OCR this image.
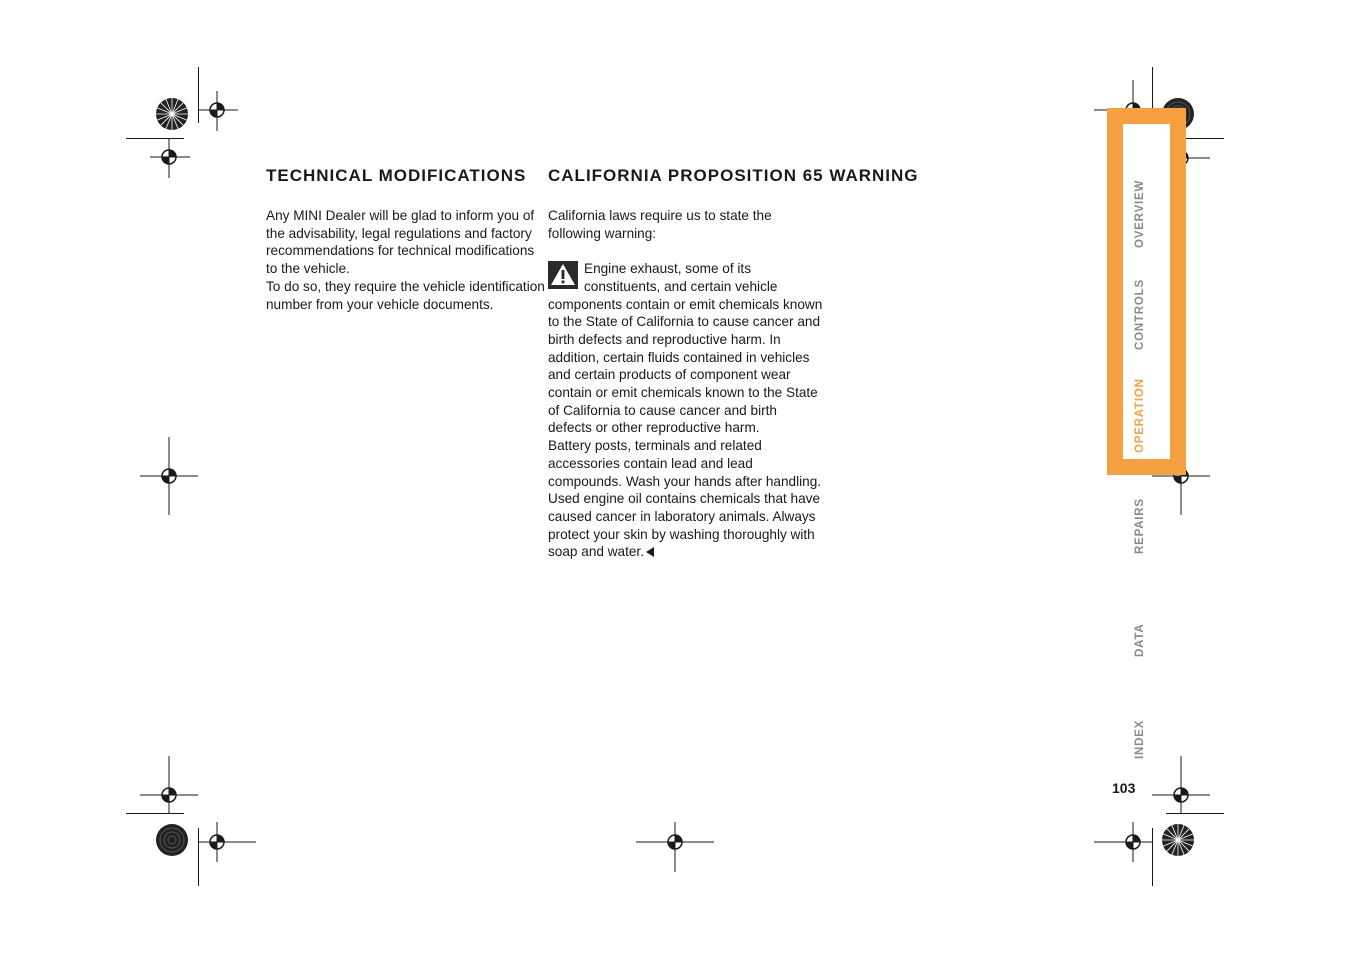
TECHNICAL MODIFICATIONS CALIFORNIA PROPOSITION 65 WARNING

Any MINI Dealer will be glad to inform you of the advisability, legal regulations and factory recommendations for technical modifications to the vehicle.

To do so, they require the vehicle identification number from your vehicle documents.

California laws require us to state the following warning:

Engine exhaust, some of its constituents, and certain vehicle components contain or emit chemicals known to the State of California to cause cancer and birth defects and reproductive harm. In addition, certain fluids contained in vehicles and certain products of component wear contain or emit chemicals known to the State of California to cause cancer and birth defects or other reproductive harm.

Battery posts, terminals and related accessories contain lead and lead compounds. Wash your hands after handling.

Used engine oil contains chemicals that have caused cancer in laboratory animals. Always protect your skin by washing thoroughly with soap and water.

OVERVIEW
CONTROLS
OPERATION
REPAIRS
DATA
INDEX
103
